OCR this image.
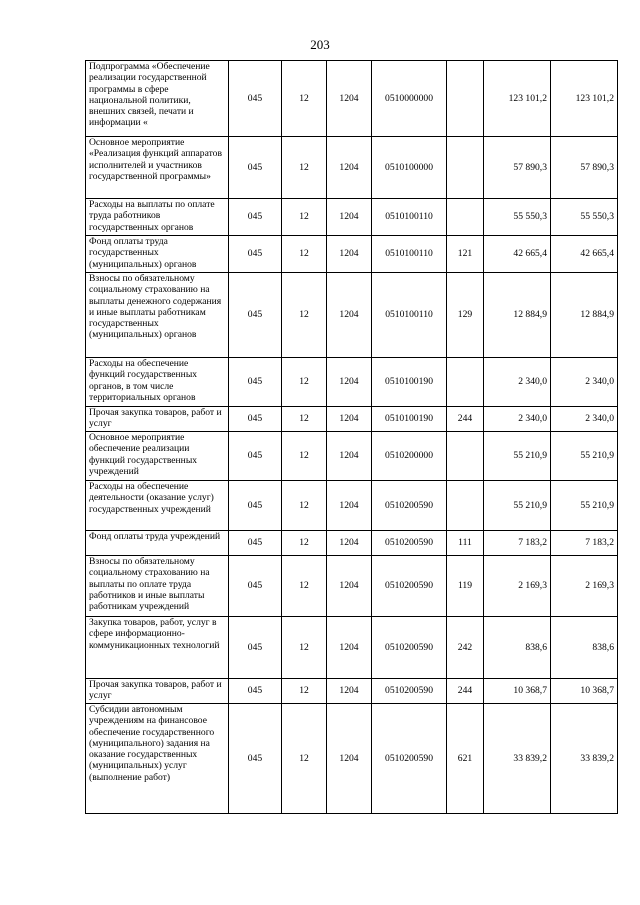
203
Подпрограмма «Обеспечение реализации государственной программы в сфере национальной политики, внешних связей, печати и информации «	045	12	1204	0510000000		123 101,2	123 101,2
Основное мероприятие «Реализация функций аппаратов исполнителей и участников государственной программы»	045	12	1204	0510100000		57 890,3	57 890,3
Расходы на выплаты по оплате труда работников государственных органов	045	12	1204	0510100110		55 550,3	55 550,3
Фонд оплаты труда государственных (муниципальных) органов	045	12	1204	0510100110	121	42 665,4	42 665,4
Взносы по обязательному социальному страхованию на выплаты денежного содержания и иные выплаты работникам государственных (муниципальных) органов	045	12	1204	0510100110	129	12 884,9	12 884,9
Расходы на обеспечение функций государственных органов, в том числе территориальных органов	045	12	1204	0510100190		2 340,0	2 340,0
Прочая закупка товаров, работ и услуг	045	12	1204	0510100190	244	2 340,0	2 340,0
Основное мероприятие обеспечение реализации функций государственных учреждений	045	12	1204	0510200000		55 210,9	55 210,9
Расходы на обеспечение деятельности (оказание услуг) государственных учреждений	045	12	1204	0510200590		55 210,9	55 210,9
Фонд оплаты труда учреждений	045	12	1204	0510200590	111	7 183,2	7 183,2
Взносы по обязательному социальному страхованию на выплаты по оплате труда работников и иные выплаты работникам учреждений	045	12	1204	0510200590	119	2 169,3	2 169,3
Закупка товаров, работ, услуг в сфере информационно-коммуникационных технологий	045	12	1204	0510200590	242	838,6	838,6
Прочая закупка товаров, работ и услуг	045	12	1204	0510200590	244	10 368,7	10 368,7
Субсидии автономным учреждениям на финансовое обеспечение государственного (муниципального) задания на оказание государственных (муниципальных) услуг (выполнение работ)	045	12	1204	0510200590	621	33 839,2	33 839,2
